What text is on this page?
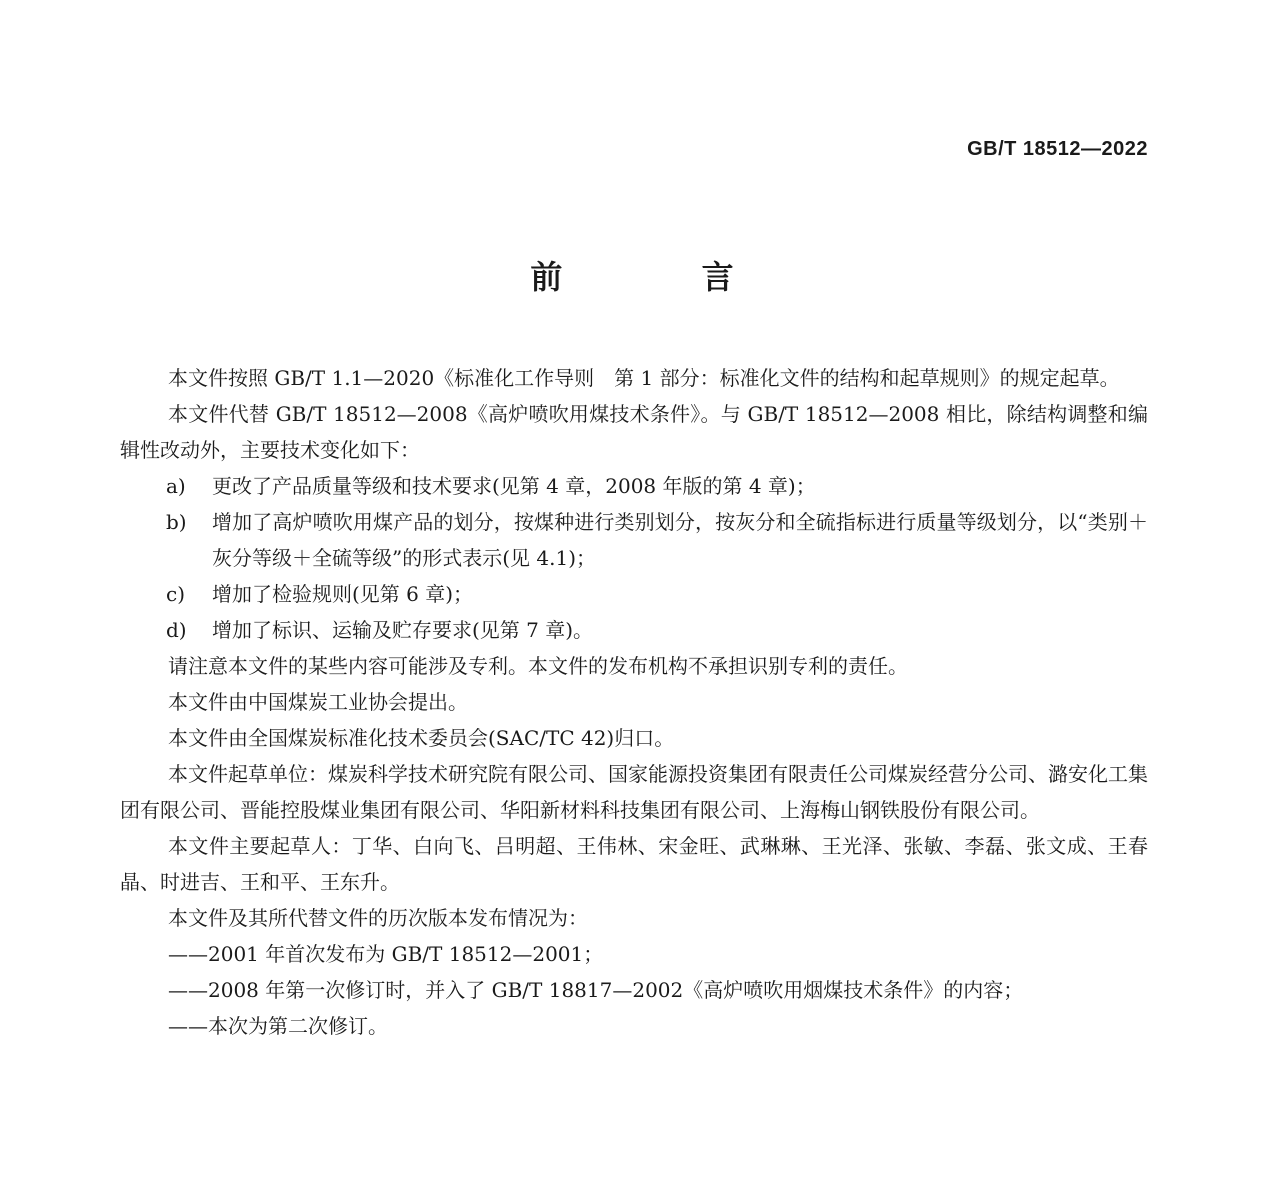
GB/T 18512—2022
前 言

本文件按照 GB/T 1.1—2020《标准化工作导则　第 1 部分：标准化文件的结构和起草规则》的规定起草。

本文件代替 GB/T 18512—2008《高炉喷吹用煤技术条件》。与 GB/T 18512—2008 相比，除结构调整和编辑性改动外，主要技术变化如下：

a)	更改了产品质量等级和技术要求(见第 4 章，2008 年版的第 4 章)；
b)	增加了高炉喷吹用煤产品的划分，按煤种进行类别划分，按灰分和全硫指标进行质量等级划分，以“类别＋灰分等级＋全硫等级”的形式表示(见 4.1)；
c)	增加了检验规则(见第 6 章)；
d)	增加了标识、运输及贮存要求(见第 7 章)。

请注意本文件的某些内容可能涉及专利。本文件的发布机构不承担识别专利的责任。

本文件由中国煤炭工业协会提出。

本文件由全国煤炭标准化技术委员会(SAC/TC 42)归口。

本文件起草单位：煤炭科学技术研究院有限公司、国家能源投资集团有限责任公司煤炭经营分公司、潞安化工集团有限公司、晋能控股煤业集团有限公司、华阳新材料科技集团有限公司、上海梅山钢铁股份有限公司。

本文件主要起草人：丁华、白向飞、吕明超、王伟林、宋金旺、武琳琳、王光泽、张敏、李磊、张文成、王春晶、时进吉、王和平、王东升。

本文件及其所代替文件的历次版本发布情况为：

——2001 年首次发布为 GB/T 18512—2001；

——2008 年第一次修订时，并入了 GB/T 18817—2002《高炉喷吹用烟煤技术条件》的内容；

——本次为第二次修订。
